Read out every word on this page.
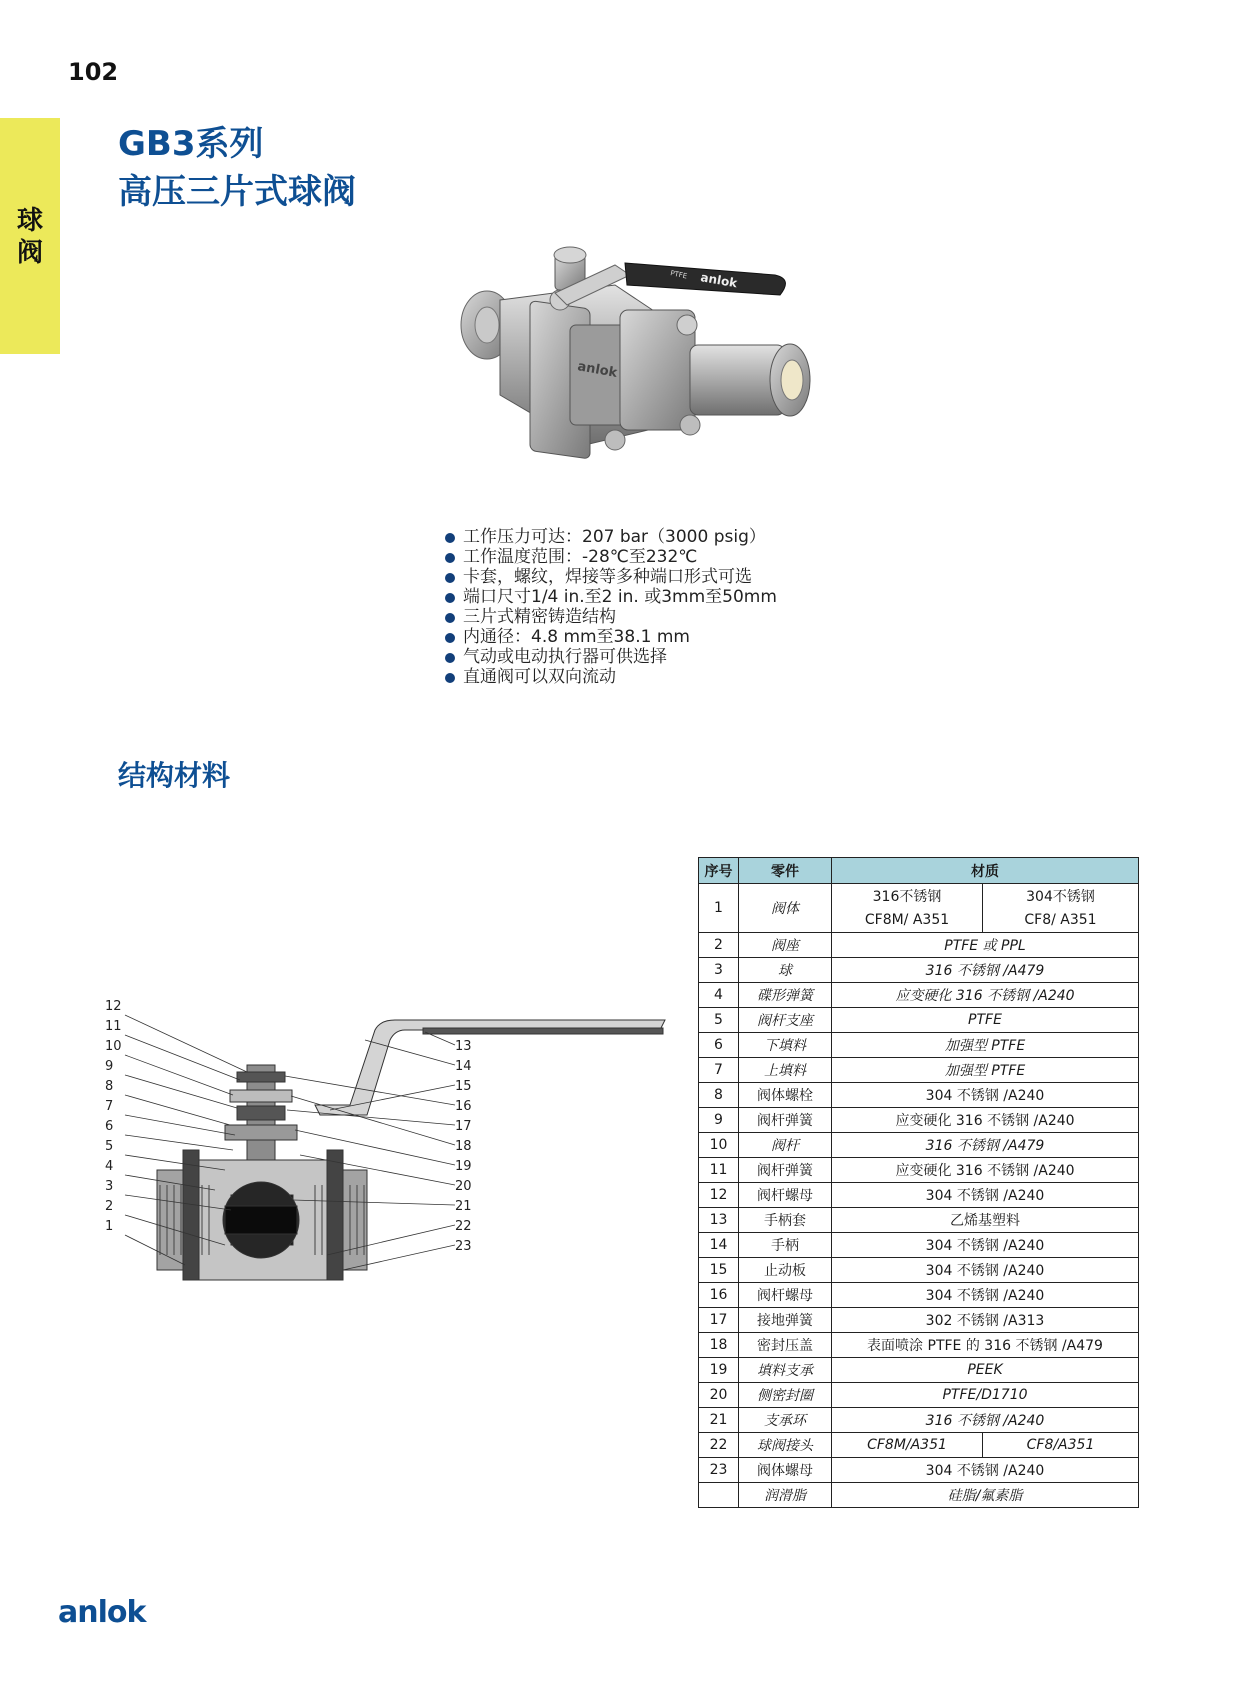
102
球
阀
GB3系列
高压三片式球阀
anlok
PTFE anlok
工作压力可达：207 bar（3000 psig）
工作温度范围：-28℃至232℃
卡套，螺纹，焊接等多种端口形式可选
端口尺寸1/4 in.至2 in. 或3mm至50mm
三片式精密铸造结构
内通径：4.8 mm至38.1 mm
气动或电动执行器可供选择
直通阀可以双向流动
结构材料
12
11
10
9
8
7
6
5
4
3
2
1
13
14
15
16
17
18
19
20
21
22
23
序号	零件	材质	
1	阀体	316不锈钢	304不锈钢
		CF8M/ A351	CF8/ A351
2	阀座	PTFE 或 PPL	
3	球	316 不锈钢 /A479	
4	碟形弹簧	应变硬化 316 不锈钢 /A240	
5	阀杆支座	PTFE	
6	下填料	加强型 PTFE	
7	上填料	加强型 PTFE	
8	阀体螺栓	304 不锈钢 /A240	
9	阀杆弹簧	应变硬化 316 不锈钢 /A240	
10	阀杆	316 不锈钢 /A479	
11	阀杆弹簧	应变硬化 316 不锈钢 /A240	
12	阀杆螺母	304 不锈钢 /A240	
13	手柄套	乙烯基塑料	
14	手柄	304 不锈钢 /A240	
15	止动板	304 不锈钢 /A240	
16	阀杆螺母	304 不锈钢 /A240	
17	接地弹簧	302 不锈钢 /A313	
18	密封压盖	表面喷涂 PTFE 的 316 不锈钢 /A479	
19	填料支承	PEEK	
20	侧密封圈	PTFE/D1710	
21	支承环	316 不锈钢 /A240	
22	球阀接头	CF8M/A351	CF8/A351
23	阀体螺母	304 不锈钢 /A240	
	润滑脂	硅脂/氟素脂	
anlok
